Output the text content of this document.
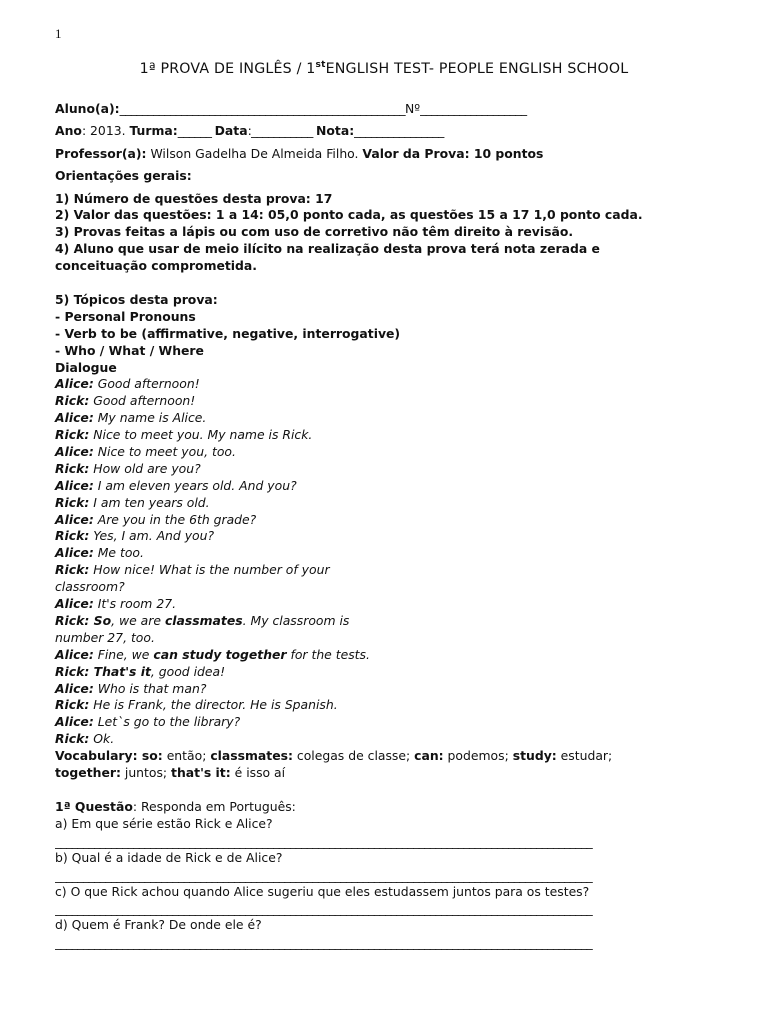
1
1ª PROVA DE INGLÊS / 1stENGLISH TEST- PEOPLE ENGLISH SCHOOL
Aluno(a):___________________________________________________Nº___________________
Ano: 2013. Turma:______ Data:___________ Nota:________________
Professor(a): Wilson Gadelha De Almeida Filho. Valor da Prova: 10 pontos
Orientações gerais:
1) Número de questões desta prova: 17
2) Valor das questões: 1 a 14: 05,0 ponto cada, as questões 15 a 17 1,0 ponto cada.
3) Provas feitas a lápis ou com uso de corretivo não têm direito à revisão.
4) Aluno que usar de meio ilícito na realização desta prova terá nota zerada e
conceituação comprometida.
5) Tópicos desta prova:
- Personal Pronouns
- Verb to be (affirmative, negative, interrogative)
- Who / What / Where
Dialogue
Alice: Good afternoon!
Rick: Good afternoon!
Alice: My name is Alice.
Rick: Nice to meet you. My name is Rick.
Alice: Nice to meet you, too.
Rick: How old are you?
Alice: I am eleven years old. And you?
Rick: I am ten years old.
Alice: Are you in the 6th grade?
Rick: Yes, I am. And you?
Alice: Me too.
Rick: How nice! What is the number of your
classroom?
Alice: It's room 27.
Rick: So, we are classmates. My classroom is
number 27, too.
Alice: Fine, we can study together for the tests.
Rick: That's it, good idea!
Alice: Who is that man?
Rick: He is Frank, the director. He is Spanish.
Alice: Let`s go to the library?
Rick: Ok.
Vocabulary: so: então; classmates: colegas de classe; can: podemos; study: estudar;
together: juntos; that's it: é isso aí
1ª Questão: Responda em Português:
a) Em que série estão Rick e Alice?
________________________________________________________________________________________________
b) Qual é a idade de Rick e de Alice?
________________________________________________________________________________________________
c) O que Rick achou quando Alice sugeriu que eles estudassem juntos para os testes?
________________________________________________________________________________________________
d) Quem é Frank? De onde ele é?
________________________________________________________________________________________________
